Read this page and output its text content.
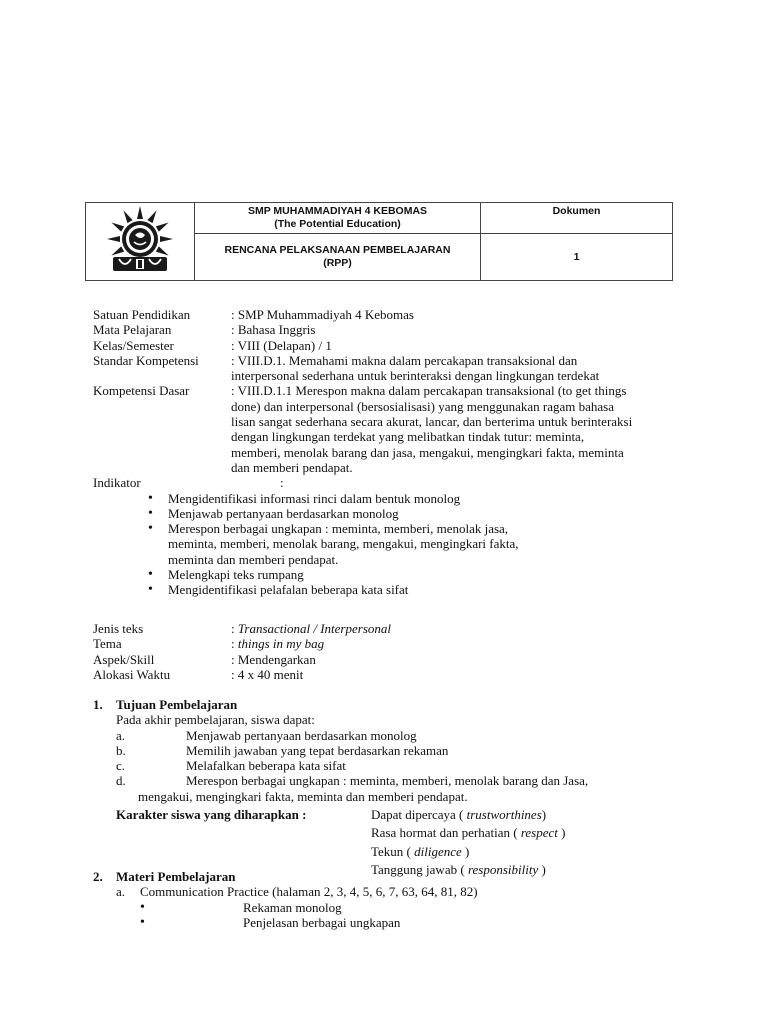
SMP MUHAMMADIYAH 4 KEBOMAS
(The Potential Education)	Dokumen

	RENCANA PELAKSANAAN PEMBELAJARAN
(RPP)	1
Satuan Pendidikan	: SMP Muhammadiyah 4 Kebomas
Mata Pelajaran	: Bahasa Inggris
Kelas/Semester	: VIII (Delapan) / 1
Standar Kompetensi	: VIII.D.1. Memahami makna dalam percakapan transaksional dan
interpersonal sederhana untuk berinteraksi dengan lingkungan terdekat
Kompetensi Dasar	: VIII.D.1.1 Merespon makna dalam percakapan transaksional (to get things
done) dan interpersonal (bersosialisasi) yang menggunakan ragam bahasa
lisan sangat sederhana secara akurat, lancar, dan berterima untuk berinteraksi
dengan lingkungan terdekat yang melibatkan tindak tutur: meminta,
memberi, menolak barang dan jasa, mengakui, mengingkari fakta, meminta
dan memberi pendapat.
Indikator	:
• Mengidentifikasi informasi rinci dalam bentuk monolog
• Menjawab pertanyaan berdasarkan monolog
• Merespon berbagai ungkapan : meminta, memberi, menolak jasa,
meminta, memberi, menolak barang, mengakui, mengingkari fakta,
meminta dan memberi pendapat.
• Melengkapi teks rumpang
• Mengidentifikasi pelafalan beberapa kata sifat
Jenis teks	: Transactional / Interpersonal
Tema	: things in my bag
Aspek/Skill	: Mendengarkan
Alokasi Waktu	: 4 x 40 menit
1. Tujuan Pembelajaran
Pada akhir pembelajaran, siswa dapat:
a.	Menjawab pertanyaan berdasarkan monolog
b.	Memilih jawaban yang tepat berdasarkan rekaman
c.	Melafalkan beberapa kata sifat
d.	Merespon berbagai ungkapan : meminta, memberi, menolak barang dan Jasa,
mengakui, mengingkari fakta, meminta dan memberi pendapat.
Karakter siswa yang diharapkan :	Dapat dipercaya ( trustworthines)
Rasa hormat dan perhatian ( respect )
Tekun ( diligence )
Tanggung jawab ( responsibility )
2. Materi Pembelajaran
a.	Communication Practice (halaman 2, 3, 4, 5, 6, 7, 63, 64, 81, 82)
•	Rekaman monolog
•	Penjelasan berbagai ungkapan
